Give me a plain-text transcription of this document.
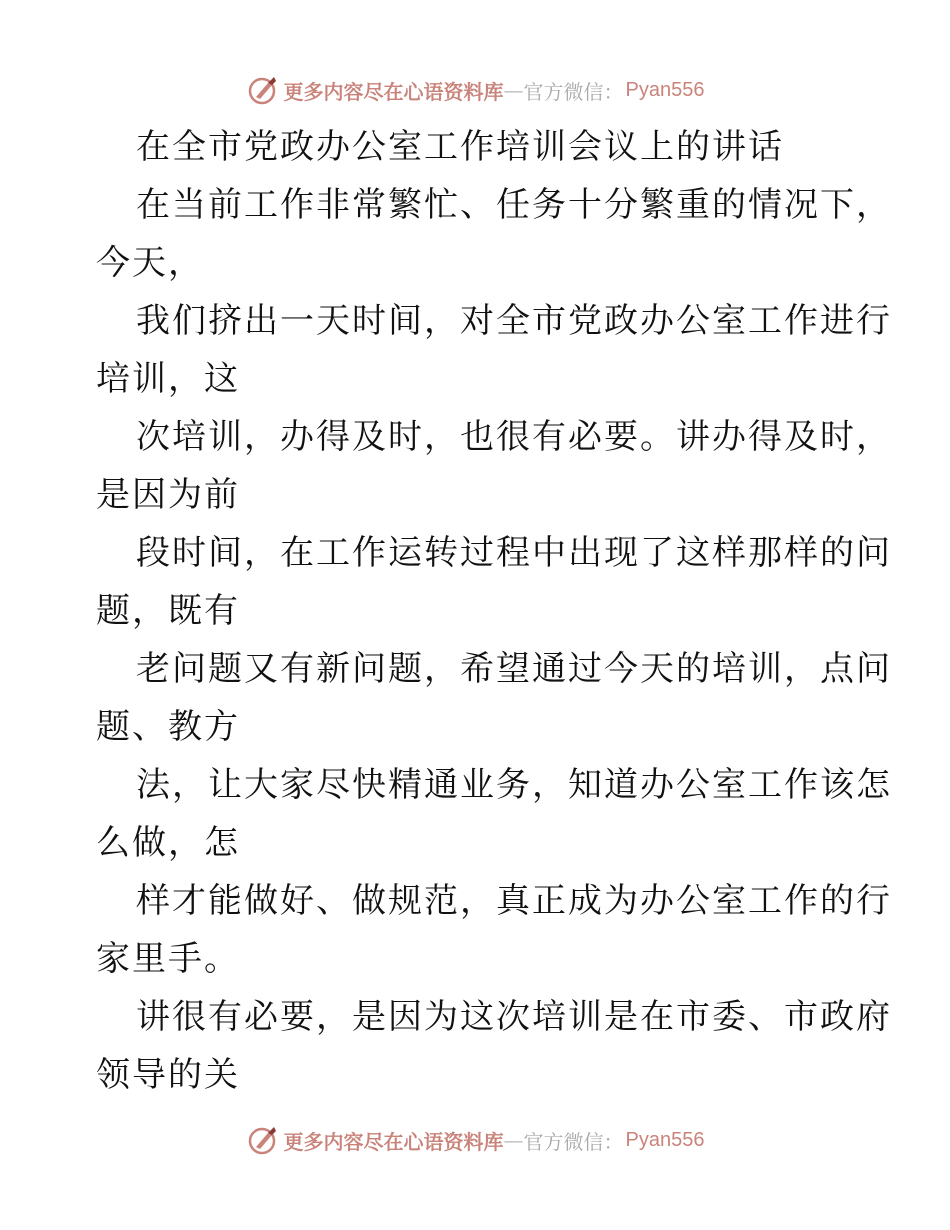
更多内容尽在心语资料库 — 官方微信： Pyan556
在全市党政办公室工作培训会议上的讲话
在当前工作非常繁忙、任务十分繁重的情况下，
今天，
我们挤出一天时间，对全市党政办公室工作进行
培训，这
次培训，办得及时，也很有必要。讲办得及时，
是因为前
段时间，在工作运转过程中出现了这样那样的问
题，既有
老问题又有新问题，希望通过今天的培训，点问
题、教方
法，让大家尽快精通业务，知道办公室工作该怎
么做，怎
样才能做好、做规范，真正成为办公室工作的行
家里手。
讲很有必要，是因为这次培训是在市委、市政府
领导的关
更多内容尽在心语资料库 — 官方微信： Pyan556
